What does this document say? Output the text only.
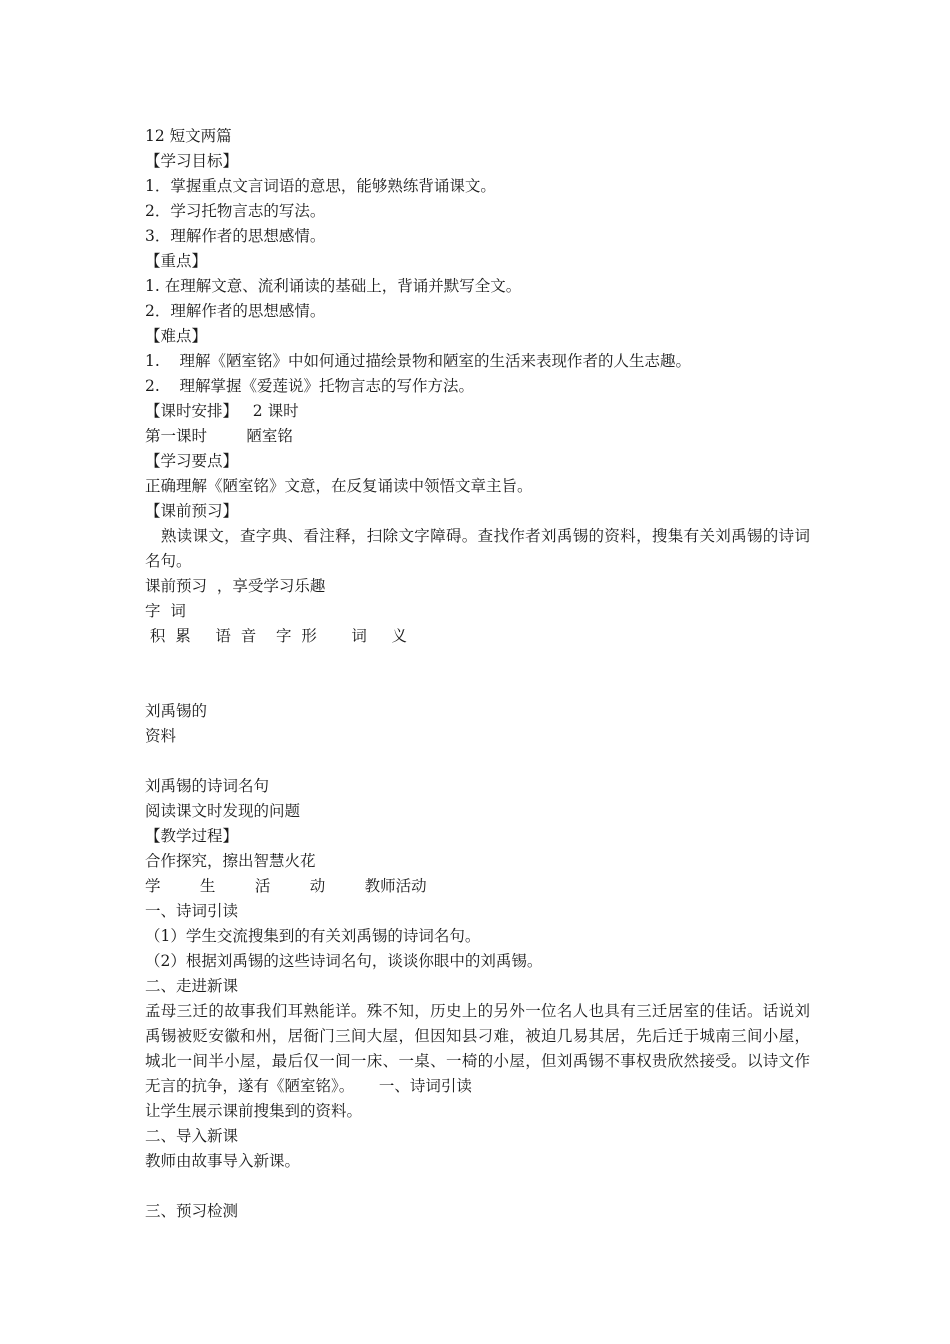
12 短文两篇
【学习目标】
1．掌握重点文言词语的意思，能够熟练背诵课文。
2．学习托物言志的写法。
3．理解作者的思想感情。
【重点】
1. 在理解文意、流利诵读的基础上，背诵并默写全文。
2．理解作者的思想感情。
【难点】
1.    理解《陋室铭》中如何通过描绘景物和陋室的生活来表现作者的人生志趣。
2.    理解掌握《爱莲说》托物言志的写作方法。
【课时安排】   2 课时
第一课时        陋室铭
【学习要点】
正确理解《陋室铭》文意，在反复诵读中领悟文章主旨。
【课前预习】
熟读课文，查字典、看注释，扫除文字障碍。查找作者刘禹锡的资料，搜集有关刘禹锡的诗词名句。
课前预习  ，享受学习乐趣
字  词
积  累     语  音    字  形       词     义
刘禹锡的
资料
刘禹锡的诗词名句
阅读课文时发现的问题
【教学过程】
合作探究，擦出智慧火花
学        生        活        动        教师活动
一、诗词引读
（1）学生交流搜集到的有关刘禹锡的诗词名句。
（2）根据刘禹锡的这些诗词名句，谈谈你眼中的刘禹锡。
二、走进新课
孟母三迁的故事我们耳熟能详。殊不知，历史上的另外一位名人也具有三迁居室的佳话。话说刘禹锡被贬安徽和州，居衙门三间大屋，但因知县刁难，被迫几易其居，先后迁于城南三间小屋，城北一间半小屋，最后仅一间一床、一桌、一椅的小屋，但刘禹锡不事权贵欣然接受。以诗文作无言的抗争，遂有《陋室铭》。     一、诗词引读
让学生展示课前搜集到的资料。
二、导入新课
教师由故事导入新课。
三、预习检测
